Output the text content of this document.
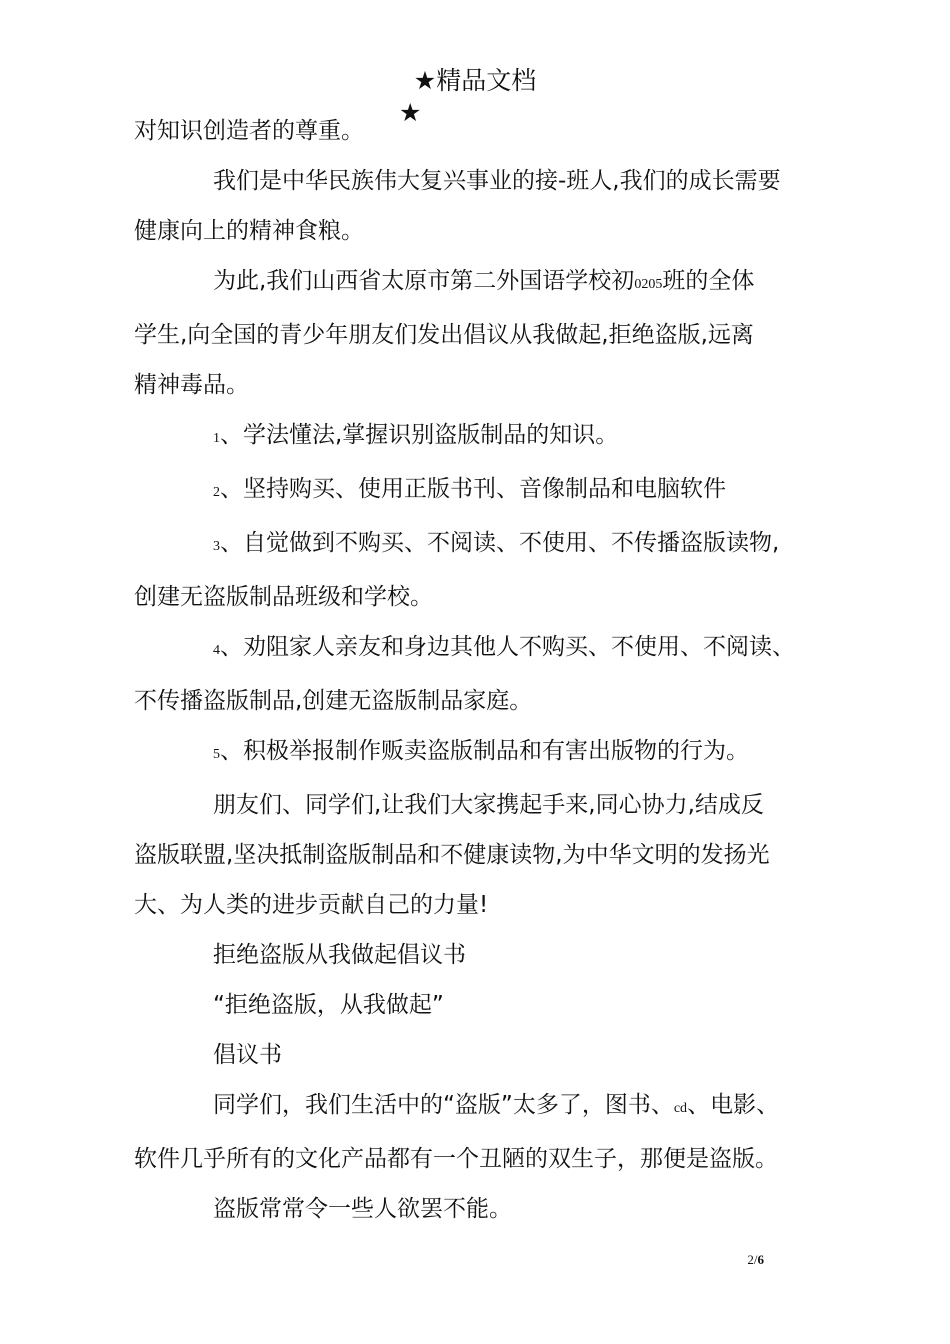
★精品文档
★

对知识创造者的尊重。

我们是中华民族伟大复兴事业的接-班人,我们的成长需要

健康向上的精神食粮。

为此,我们山西省太原市第二外国语学校初0205班的全体

学生,向全国的青少年朋友们发出倡议从我做起,拒绝盗版,远离

精神毒品。

1、学法懂法,掌握识别盗版制品的知识。

2、坚持购买、使用正版书刊、音像制品和电脑软件

3、自觉做到不购买、不阅读、不使用、不传播盗版读物,

创建无盗版制品班级和学校。

4、劝阻家人亲友和身边其他人不购买、不使用、不阅读、

不传播盗版制品,创建无盗版制品家庭。

5、积极举报制作贩卖盗版制品和有害出版物的行为。

朋友们、同学们,让我们大家携起手来,同心协力,结成反

盗版联盟,坚决抵制盗版制品和不健康读物,为中华文明的发扬光

大、为人类的进步贡献自己的力量!

拒绝盗版从我做起倡议书

“拒绝盗版，从我做起”

倡议书

同学们，我们生活中的“盗版”太多了，图书、cd、电影、

软件几乎所有的文化产品都有一个丑陋的双生子，那便是盗版。

盗版常常令一些人欲罢不能。

2/6
